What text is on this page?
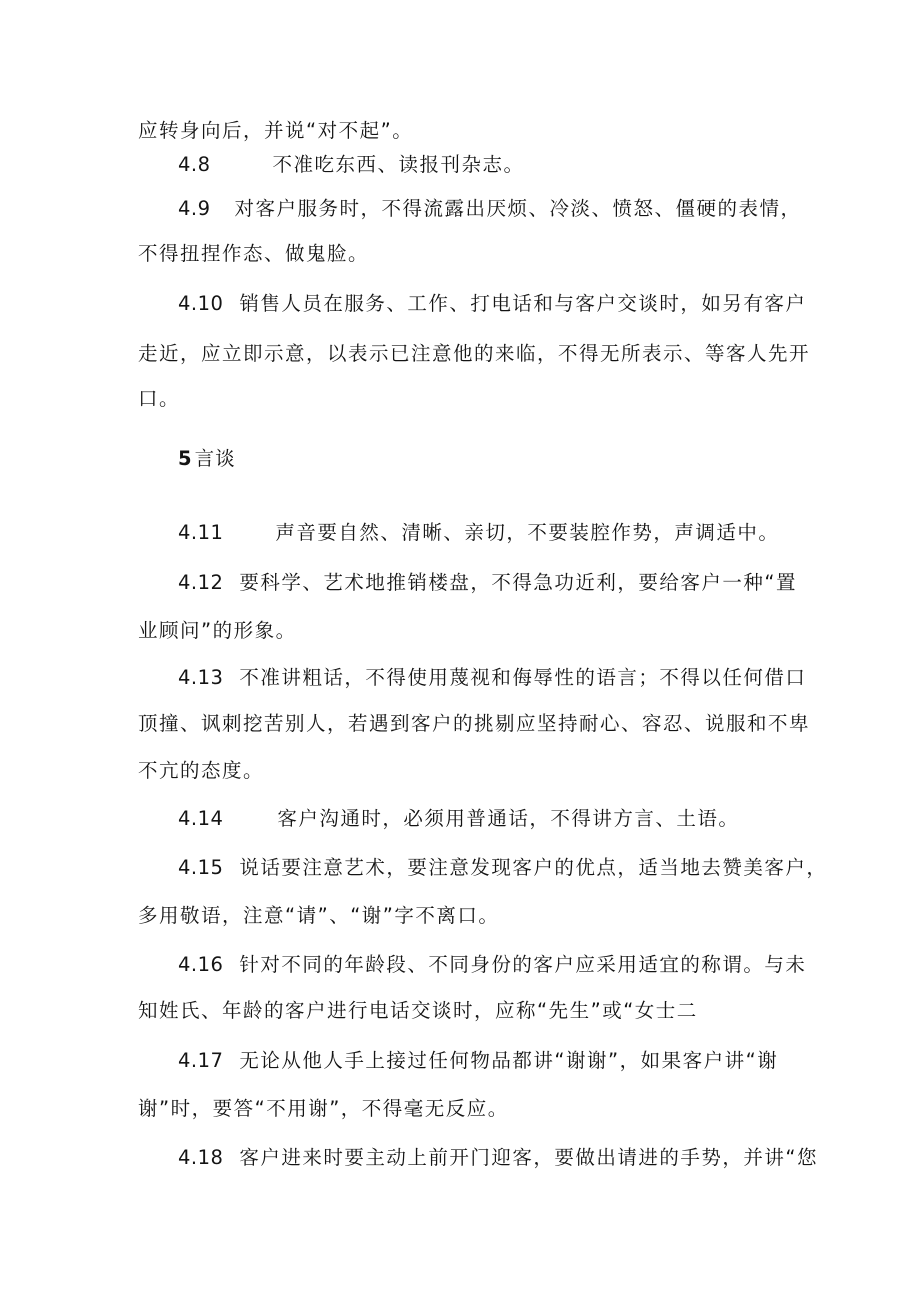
应转身向后，并说“对不起”。
4.8	不准吃东西、读报刊杂志。
4.9 对客户服务时，不得流露出厌烦、冷淡、愤怒、僵硬的表情，
不得扭捏作态、做鬼脸。
4.10 销售人员在服务、工作、打电话和与客户交谈时，如另有客户
走近，应立即示意，以表示已注意他的来临，不得无所表示、等客人先开
口。
5 言谈
4.11	声音要自然、清晰、亲切，不要装腔作势，声调适中。
4.12 要科学、艺术地推销楼盘，不得急功近利，要给客户一种“置
业顾问”的形象。
4.13 不准讲粗话，不得使用蔑视和侮辱性的语言；不得以任何借口
顶撞、讽刺挖苦别人，若遇到客户的挑剔应坚持耐心、容忍、说服和不卑
不亢的态度。
4.14	客户沟通时，必须用普通话，不得讲方言、土语。
4.15 说话要注意艺术，要注意发现客户的优点，适当地去赞美客户，
多用敬语，注意“请”、“谢”字不离口。
4.16 针对不同的年龄段、不同身份的客户应采用适宜的称谓。与未
知姓氏、年龄的客户进行电话交谈时，应称“先生”或“女士二
4.17 无论从他人手上接过任何物品都讲“谢谢”，如果客户讲“谢
谢”时，要答“不用谢”，不得毫无反应。
4.18 客户进来时要主动上前开门迎客，要做出请进的手势，并讲“您
